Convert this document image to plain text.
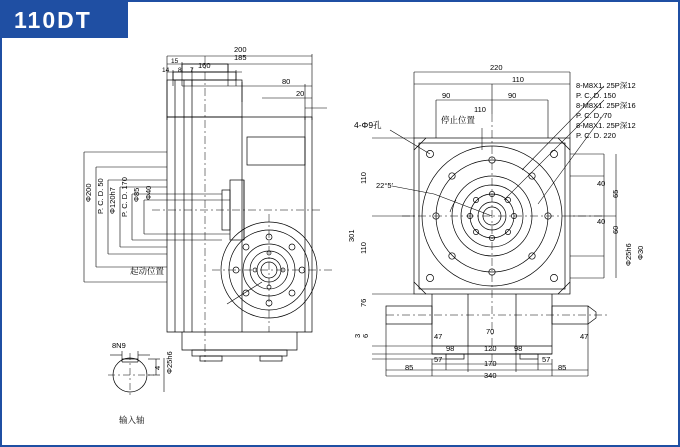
110DT
200
185
160
80
20
15
14 8 7
Φ200 P. C. D. 50 Φ120h7 P. C. D. 170 Φ85 Φ40
起动位置
220
110
90	90
110
110
301
110
76
3 6
40
65
40
60
Φ25h6 Φ30
47
98
70
98
47
57
120
57
170
85
340
85
22°5′
4-Φ9孔	停止位置
8-M8X1. 25P深12
P. C. D. 150
8-M8X1. 25P深16
P. C. D. 70
8-M8X1. 25P深12
P. C. D. 220
8N9
4 Φ25h6
输入轴
